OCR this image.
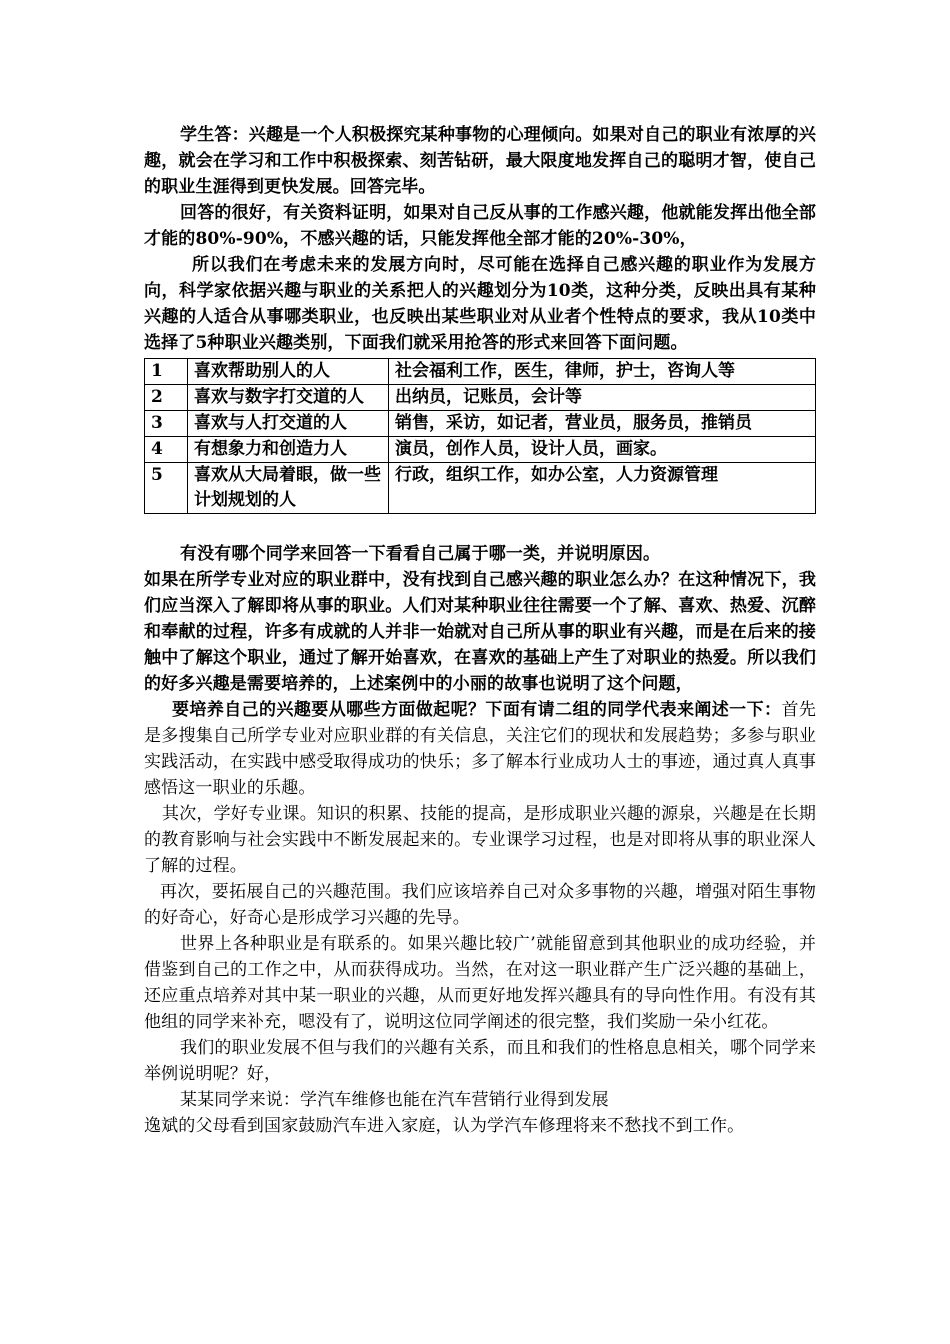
学生答：兴趣是一个人积极探究某种事物的心理倾向。如果对自己的职业有浓厚的兴趣，就会在学习和工作中积极探索、刻苦钻研，最大限度地发挥自己的聪明才智，使自己的职业生涯得到更快发展。回答完毕。

回答的很好，有关资料证明，如果对自己反从事的工作感兴趣，他就能发挥出他全部才能的80%-90%，不感兴趣的话，只能发挥他全部才能的20%-30%，

所以我们在考虑未来的发展方向时，尽可能在选择自己感兴趣的职业作为发展方向，科学家依据兴趣与职业的关系把人的兴趣划分为10类，这种分类，反映出具有某种兴趣的人适合从事哪类职业，也反映出某些职业对从业者个性特点的要求，我从10类中选择了5种职业兴趣类别，下面我们就采用抢答的形式来回答下面问题。

1	喜欢帮助别人的人	社会福利工作，医生，律师，护士，咨询人等
2	喜欢与数字打交道的人	出纳员，记账员，会计等
3	喜欢与人打交道的人	销售，采访，如记者，营业员，服务员，推销员
4	有想象力和创造力人	演员，创作人员，设计人员，画家。
5	喜欢从大局着眼，做一些计划规划的人	行政，组织工作，如办公室，人力资源管理

有没有哪个同学来回答一下看看自己属于哪一类，并说明原因。

如果在所学专业对应的职业群中，没有找到自己感兴趣的职业怎么办？在这种情况下，我们应当深入了解即将从事的职业。人们对某种职业往往需要一个了解、喜欢、热爱、沉醉和奉献的过程，许多有成就的人并非一始就对自己所从事的职业有兴趣，而是在后来的接触中了解这个职业，通过了解开始喜欢，在喜欢的基础上产生了对职业的热爱。所以我们的好多兴趣是需要培养的，上述案例中的小丽的故事也说明了这个问题，

要培养自己的兴趣要从哪些方面做起呢？下面有请二组的同学代表来阐述一下：首先是多搜集自己所学专业对应职业群的有关信息，关注它们的现状和发展趋势；多参与职业实践活动，在实践中感受取得成功的快乐；多了解本行业成功人士的事迹，通过真人真事感悟这一职业的乐趣。

其次，学好专业课。知识的积累、技能的提高，是形成职业兴趣的源泉，兴趣是在长期的教育影响与社会实践中不断发展起来的。专业课学习过程，也是对即将从事的职业深人了解的过程。

再次，要拓展自己的兴趣范围。我们应该培养自己对众多事物的兴趣，增强对陌生事物的好奇心，好奇心是形成学习兴趣的先导。

世界上各种职业是有联系的。如果兴趣比较广’就能留意到其他职业的成功经验，并借鉴到自己的工作之中，从而获得成功。当然，在对这一职业群产生广泛兴趣的基础上，还应重点培养对其中某一职业的兴趣，从而更好地发挥兴趣具有的导向性作用。有没有其他组的同学来补充，嗯没有了，说明这位同学阐述的很完整，我们奖励一朵小红花。

我们的职业发展不但与我们的兴趣有关系，而且和我们的性格息息相关，哪个同学来举例说明呢？好，

某某同学来说：学汽车维修也能在汽车营销行业得到发展

逸斌的父母看到国家鼓励汽车进入家庭，认为学汽车修理将来不愁找不到工作。
